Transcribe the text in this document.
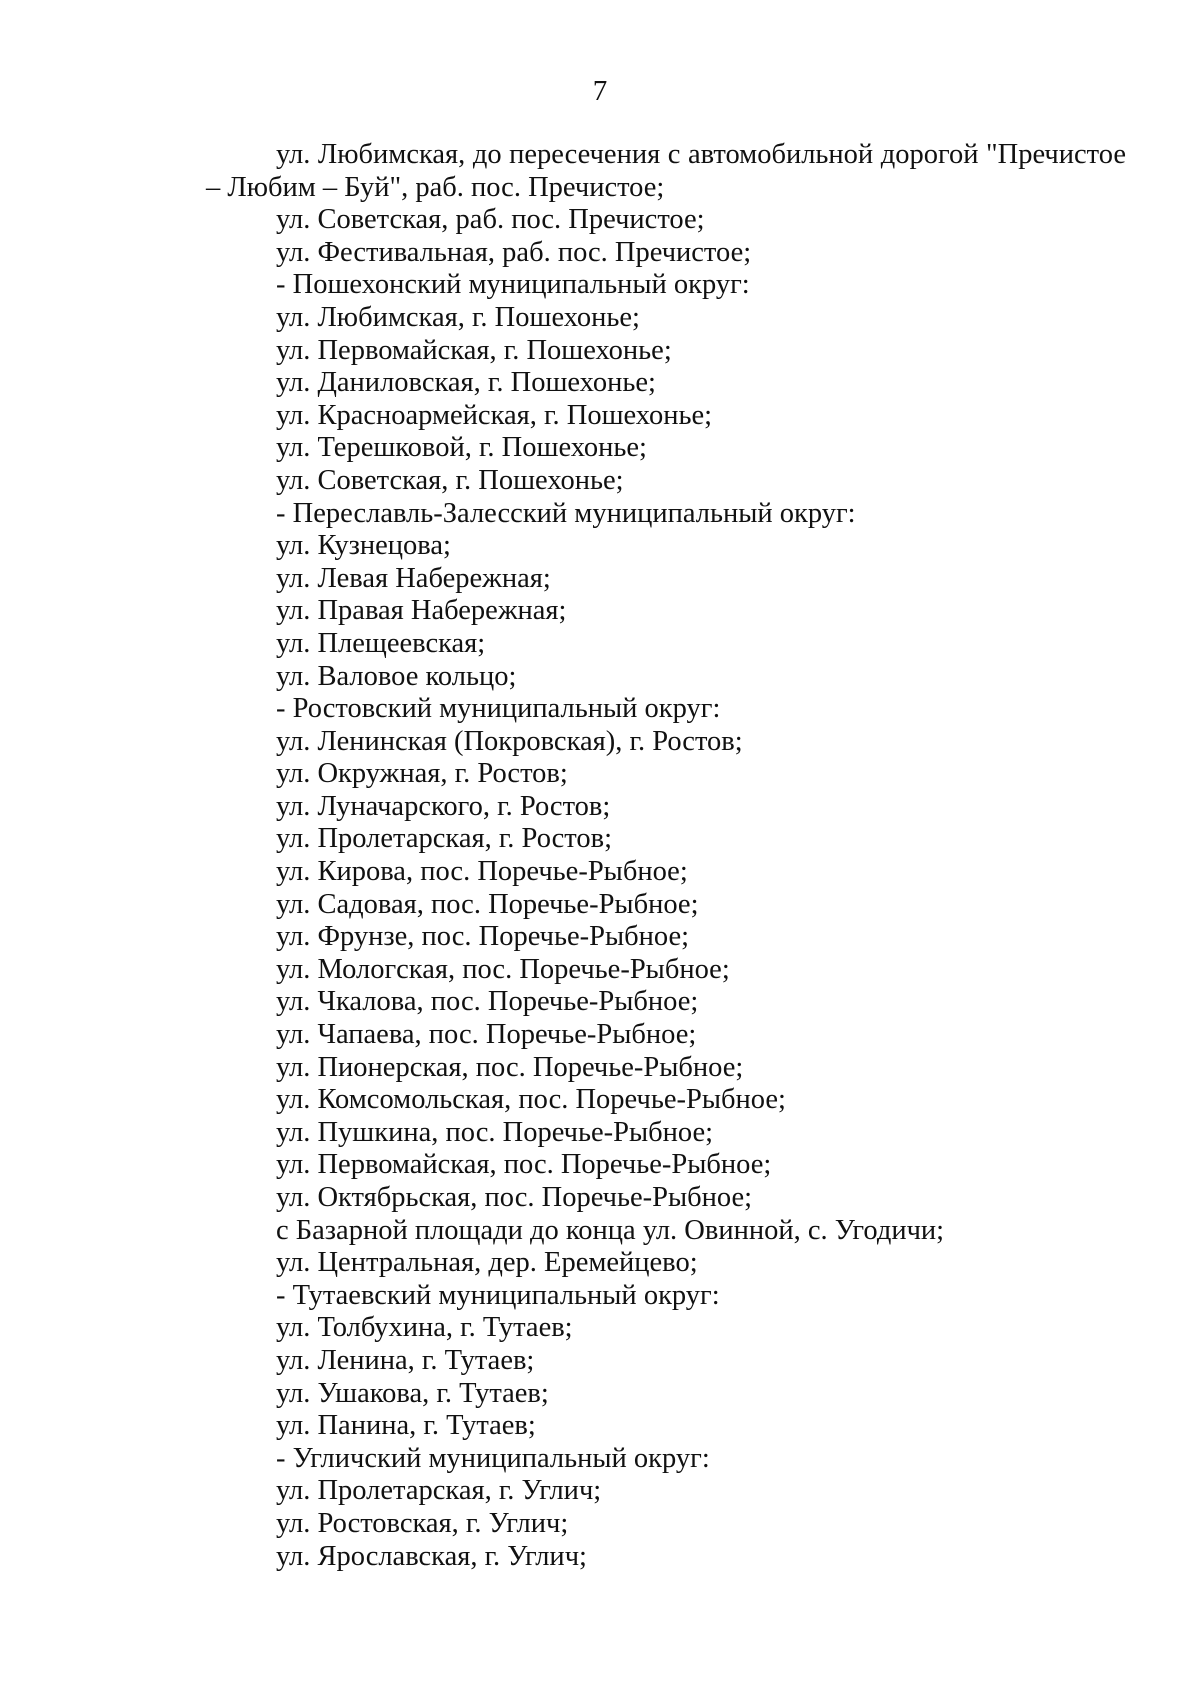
7

ул. Любимская, до пересечения с автомобильной дорогой "Пречистое – Любим – Буй", раб. пос. Пречистое;

ул. Советская, раб. пос. Пречистое;

ул. Фестивальная, раб. пос. Пречистое;

- Пошехонский муниципальный округ:

ул. Любимская, г. Пошехонье;

ул. Первомайская, г. Пошехонье;

ул. Даниловская, г. Пошехонье;

ул. Красноармейская, г. Пошехонье;

ул. Терешковой, г. Пошехонье;

ул. Советская, г. Пошехонье;

- Переславль-Залесский муниципальный округ:

ул. Кузнецова;

ул. Левая Набережная;

ул. Правая Набережная;

ул. Плещеевская;

ул. Валовое кольцо;

- Ростовский муниципальный округ:

ул. Ленинская (Покровская), г. Ростов;

ул. Окружная, г. Ростов;

ул. Луначарского, г. Ростов;

ул. Пролетарская, г. Ростов;

ул. Кирова, пос. Поречье-Рыбное;

ул. Садовая, пос. Поречье-Рыбное;

ул. Фрунзе, пос. Поречье-Рыбное;

ул. Мологская, пос. Поречье-Рыбное;

ул. Чкалова, пос. Поречье-Рыбное;

ул. Чапаева, пос. Поречье-Рыбное;

ул. Пионерская, пос. Поречье-Рыбное;

ул. Комсомольская, пос. Поречье-Рыбное;

ул. Пушкина, пос. Поречье-Рыбное;

ул. Первомайская, пос. Поречье-Рыбное;

ул. Октябрьская, пос. Поречье-Рыбное;

с Базарной площади до конца ул. Овинной, с. Угодичи;

ул. Центральная, дер. Еремейцево;

- Тутаевский муниципальный округ:

ул. Толбухина, г. Тутаев;

ул. Ленина, г. Тутаев;

ул. Ушакова, г. Тутаев;

ул. Панина, г. Тутаев;

- Угличский муниципальный округ:

ул. Пролетарская, г. Углич;

ул. Ростовская, г. Углич;

ул. Ярославская, г. Углич;
